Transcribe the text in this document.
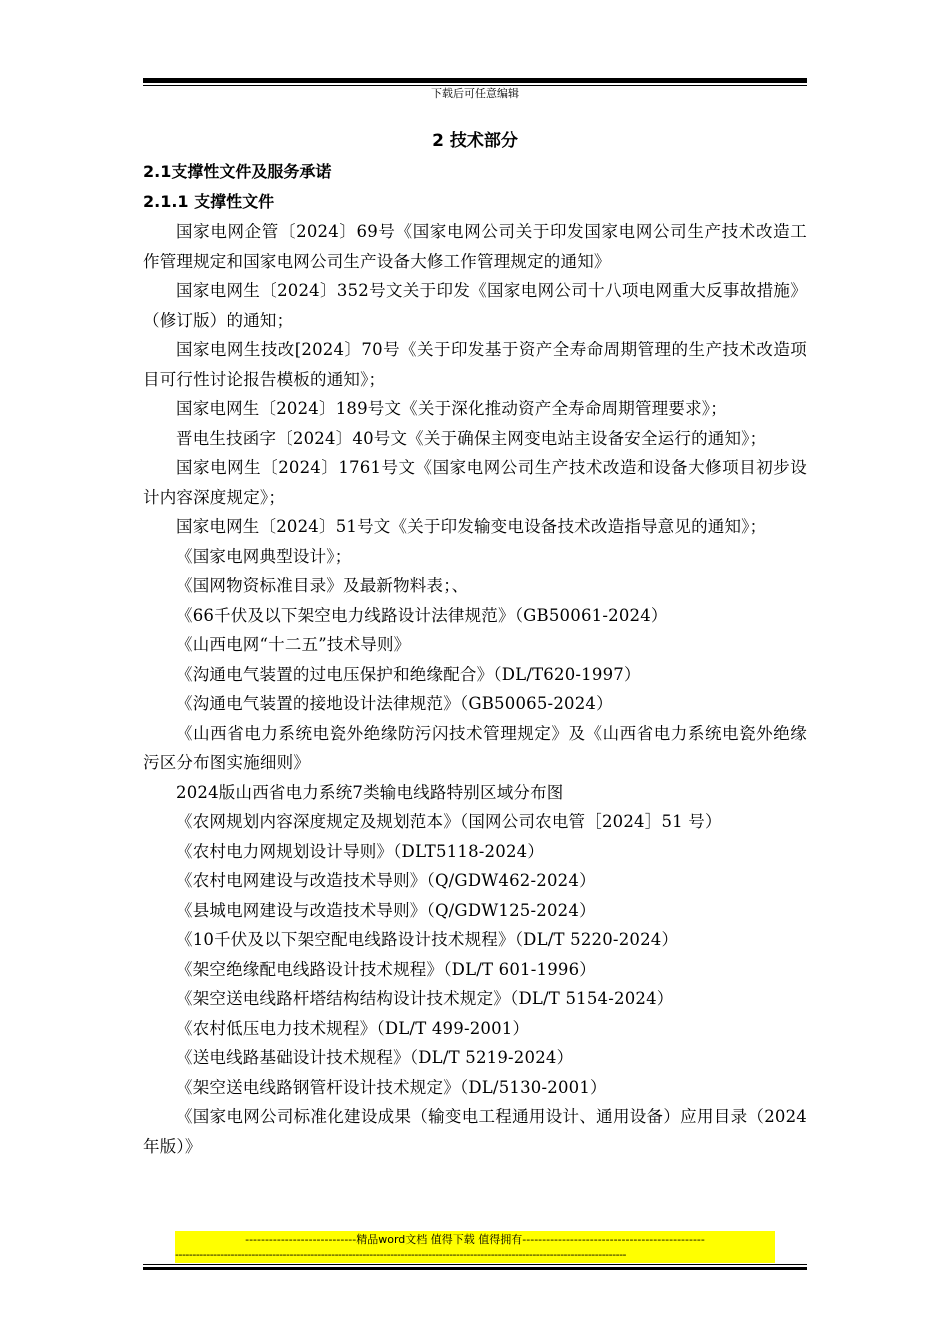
下载后可任意编辑
2 技术部分
2.1支撑性文件及服务承诺
2.1.1 支撑性文件

国家电网企管〔2024〕69号《国家电网公司关于印发国家电网公司生产技术改造工作管理规定和国家电网公司生产设备大修工作管理规定的通知》

国家电网生〔2024〕352号文关于印发《国家电网公司十八项电网重大反事故措施》（修订版）的通知；

国家电网生技改[2024〕70号《关于印发基于资产全寿命周期管理的生产技术改造项目可行性讨论报告模板的通知》；

国家电网生〔2024〕189号文《关于深化推动资产全寿命周期管理要求》；

晋电生技函字〔2024〕40号文《关于确保主网变电站主设备安全运行的通知》；

国家电网生〔2024〕1761号文《国家电网公司生产技术改造和设备大修项目初步设计内容深度规定》；

国家电网生〔2024〕51号文《关于印发输变电设备技术改造指导意见的通知》；

《国家电网典型设计》；

《国网物资标准目录》及最新物料表；、

《66千伏及以下架空电力线路设计法律规范》（GB50061-2024）

《山西电网“十二五”技术导则》

《沟通电气装置的过电压保护和绝缘配合》（DL/T620-1997）

《沟通电气装置的接地设计法律规范》（GB50065-2024）

《山西省电力系统电瓷外绝缘防污闪技术管理规定》及《山西省电力系统电瓷外绝缘污区分布图实施细则》

2024版山西省电力系统7类输电线路特别区域分布图

《农网规划内容深度规定及规划范本》（国网公司农电管［2024］51 号）

《农村电力网规划设计导则》（DLT5118-2024）

《农村电网建设与改造技术导则》（Q/GDW462-2024）

《县城电网建设与改造技术导则》（Q/GDW125-2024）

《10千伏及以下架空配电线路设计技术规程》（DL/T 5220-2024）

《架空绝缘配电线路设计技术规程》（DL/T 601-1996）

《架空送电线路杆塔结构结构设计技术规定》（DL/T 5154-2024）

《农村低压电力技术规程》（DL/T 499-2001）

《送电线路基础设计技术规程》（DL/T 5219-2024）

《架空送电线路钢管杆设计技术规定》（DL/5130-2001）

《国家电网公司标准化建设成果（输变电工程通用设计、通用设备）应用目录（2024年版）》

---------------------------- 精品word文档 值得下载 值得拥有 ----------------------------------------------
----------------------------------------------------------------------------------------------------------------------------------
